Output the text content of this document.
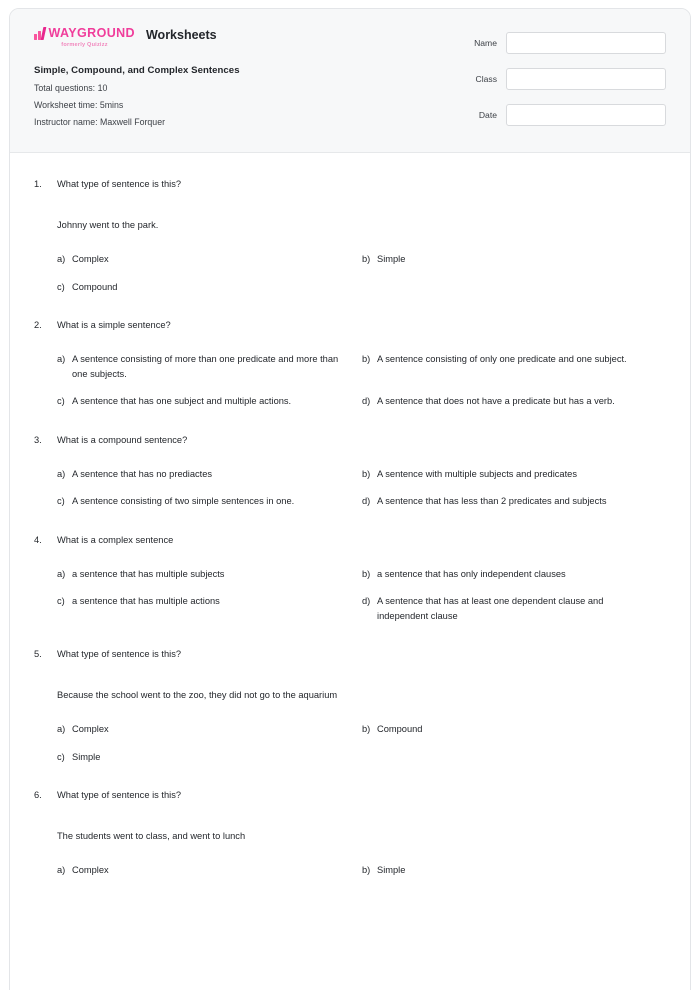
WAYGROUND
formerly Quizizz
Worksheets
Simple, Compound, and Complex Sentences
Total questions: 10
Worksheet time: 5mins
Instructor name: Maxwell Forquer
Name
Class
Date
1.	What type of sentence is this?
Johnny went to the park.
a) Complex	b) Simple
c) Compound
2.	What is a simple sentence?
a) A sentence consisting of more than one predicate and more than one subjects.
b) A sentence consisting of only one predicate and one subject.
c) A sentence that has one subject and multiple actions.	d) A sentence that does not have a predicate but has a verb.
3.	What is a compound sentence?
a) A sentence that has no prediactes	b) A sentence with multiple subjects and predicates
c) A sentence consisting of two simple sentences in one.	d) A sentence that has less than 2 predicates and subjects
4.	What is a complex sentence
a) a sentence that has multiple subjects	b) a sentence that has only independent clauses
c) a sentence that has multiple actions	d) A sentence that has at least one dependent clause and independent clause
5.	What type of sentence is this?
Because the school went to the zoo, they did not go to the aquarium
a) Complex	b) Compound
c) Simple
6.	What type of sentence is this?
The students went to class, and went to lunch
a) Complex	b) Simple
